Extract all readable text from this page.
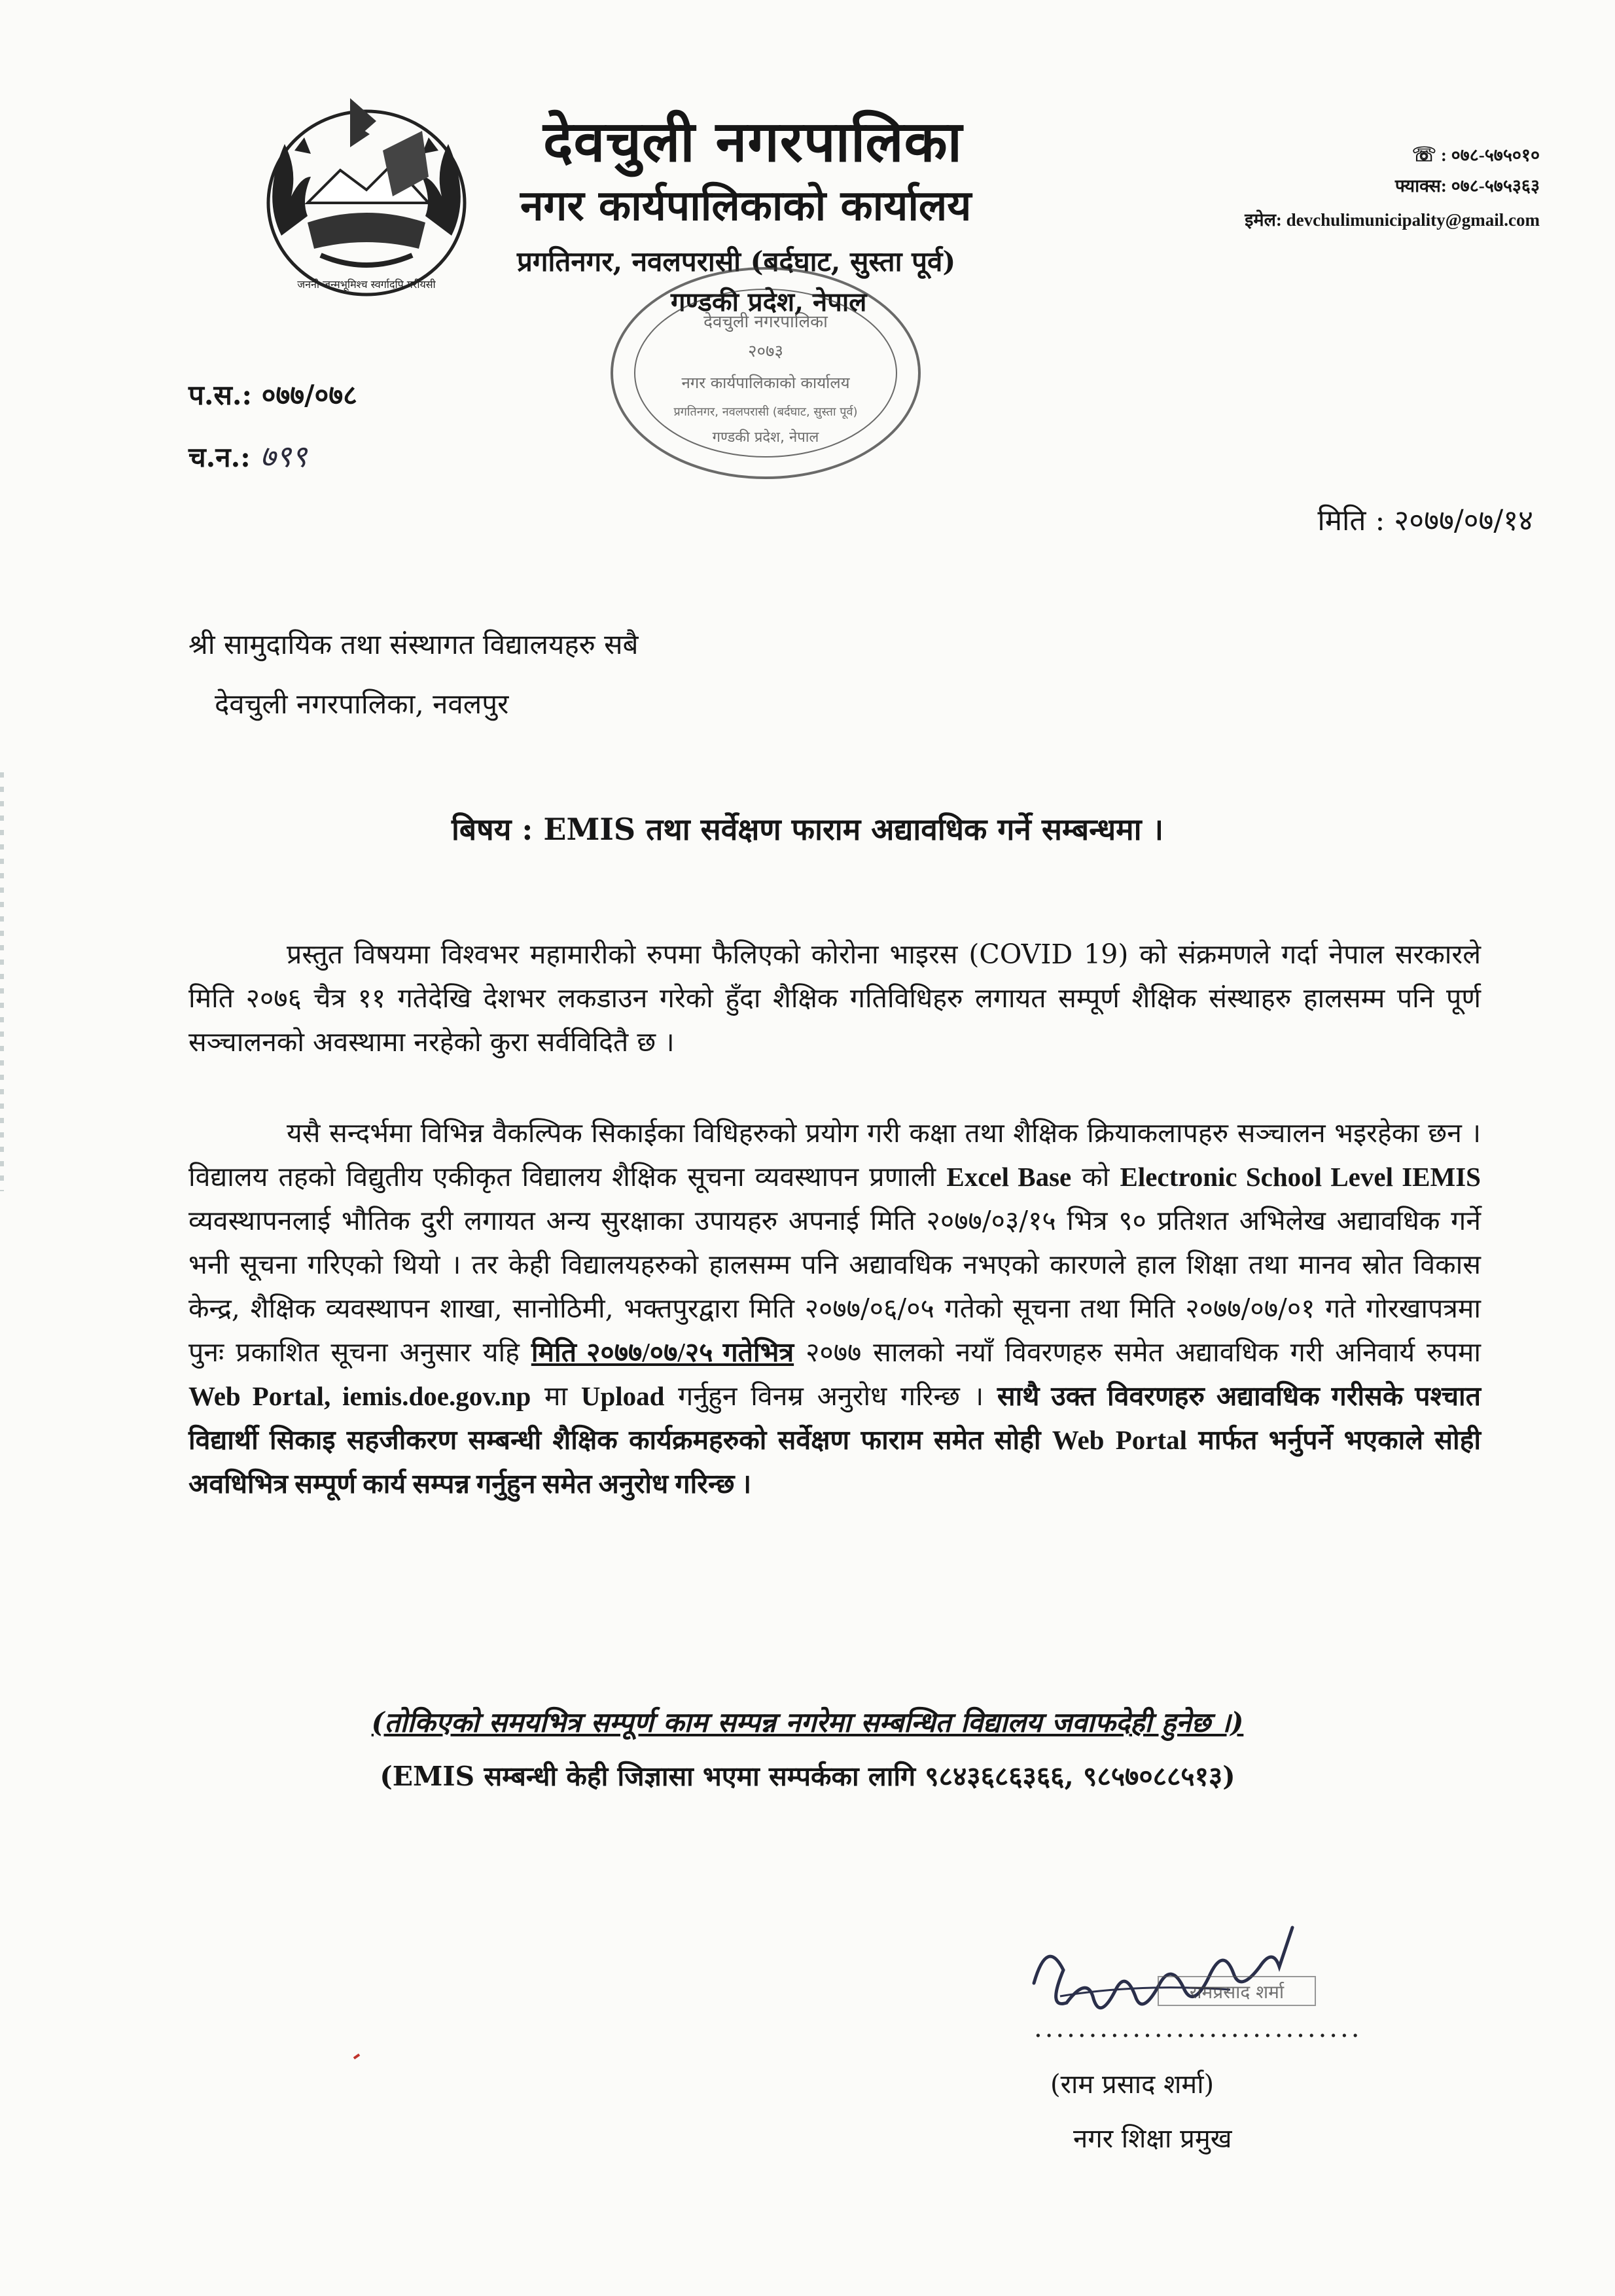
जननी जन्मभूमिश्च स्वर्गादपि गरीयसी
देवचुली नगरपालिका
नगर कार्यपालिकाको कार्यालय
प्रगतिनगर, नवलपरासी (बर्दघाट, सुस्ता पूर्व)
गण्डकी प्रदेश, नेपाल
☏ : ०७८-५७५०१०
फ्याक्स: ०७८-५७५३६३
इमेल: devchulimunicipality@gmail.com
देवचुली नगरपालिका
२०७३
नगर कार्यपालिकाको कार्यालय
प्रगतिनगर, नवलपरासी (बर्दघाट, सुस्ता पूर्व)
गण्डकी प्रदेश, नेपाल
प.स.: ०७७/०७८
च.न.: ७९९
मिति : २०७७/०७/१४
श्री सामुदायिक तथा संस्थागत विद्यालयहरु सबै
देवचुली नगरपालिका, नवलपुर
बिषय : EMIS तथा सर्वेक्षण फाराम अद्यावधिक गर्ने सम्बन्धमा ।
प्रस्तुत विषयमा विश्वभर महामारीको रुपमा फैलिएको कोरोना भाइरस (COVID 19) को संक्रमणले गर्दा नेपाल सरकारले मिति २०७६ चैत्र ११ गतेदेखि देशभर लकडाउन गरेको हुँदा शैक्षिक गतिविधिहरु लगायत सम्पूर्ण शैक्षिक संस्थाहरु हालसम्म पनि पूर्ण सञ्चालनको अवस्थामा नरहेको कुरा सर्वविदितै छ ।
यसै सन्दर्भमा विभिन्न वैकल्पिक सिकाईका विधिहरुको प्रयोग गरी कक्षा तथा शैक्षिक क्रियाकलापहरु सञ्चालन भइरहेका छन । विद्यालय तहको विद्युतीय एकीकृत विद्यालय शैक्षिक सूचना व्यवस्थापन प्रणाली Excel Base को Electronic School Level IEMIS व्यवस्थापनलाई भौतिक दुरी लगायत अन्य सुरक्षाका उपायहरु अपनाई मिति २०७७/०३/१५ भित्र ९० प्रतिशत अभिलेख अद्यावधिक गर्ने भनी सूचना गरिएको थियो । तर केही विद्यालयहरुको हालसम्म पनि अद्यावधिक नभएको कारणले हाल शिक्षा तथा मानव स्रोत विकास केन्द्र, शैक्षिक व्यवस्थापन शाखा, सानोठिमी, भक्तपुरद्वारा मिति २०७७/०६/०५ गतेको सूचना तथा मिति २०७७/०७/०१ गते गोरखापत्रमा पुनः प्रकाशित सूचना अनुसार यहि मिति २०७७/०७/२५ गतेभित्र २०७७ सालको नयाँ विवरणहरु समेत अद्यावधिक गरी अनिवार्य रुपमा Web Portal, iemis.doe.gov.np मा Upload गर्नुहुन विनम्र अनुरोध गरिन्छ । साथै उक्त विवरणहरु अद्यावधिक गरीसके पश्चात विद्यार्थी सिकाइ सहजीकरण सम्बन्धी शैक्षिक कार्यक्रमहरुको सर्वेक्षण फाराम समेत सोही Web Portal मार्फत भर्नुपर्ने भएकाले सोही अवधिभित्र सम्पूर्ण कार्य सम्पन्न गर्नुहुन समेत अनुरोध गरिन्छ ।
(तोकिएको समयभित्र सम्पूर्ण काम सम्पन्न नगरेमा सम्बन्धित विद्यालय जवाफदेही हुनेछ ।)
(EMIS सम्बन्धी केही जिज्ञासा भएमा सम्पर्कका लागि ९८४३६८६३६६, ९८५७०८८५१३)
रामप्रसाद शर्मा
..............................
(राम प्रसाद शर्मा)
नगर शिक्षा प्रमुख
